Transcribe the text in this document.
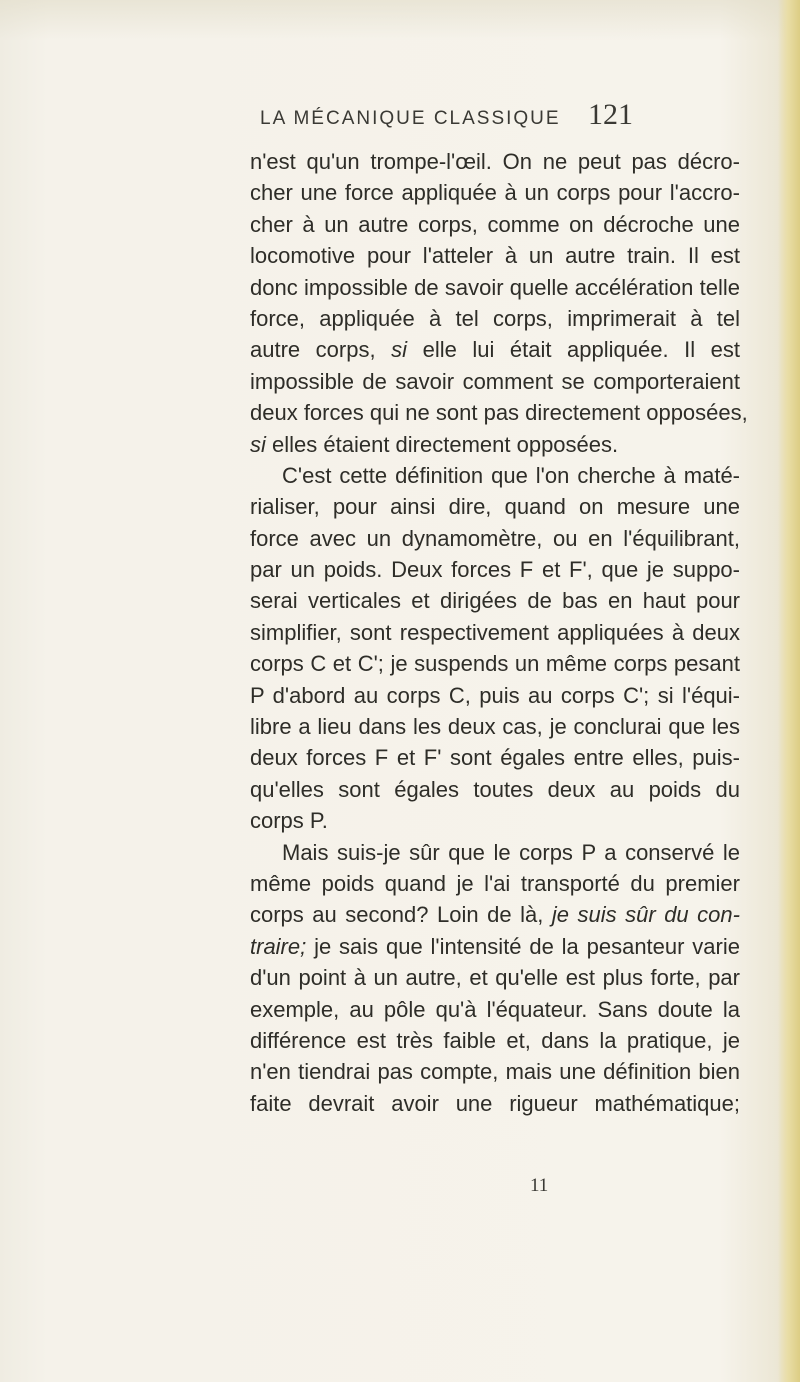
LA MÉCANIQUE CLASSIQUE 121
n'est qu'un trompe-l'œil. On ne peut pas décro-
cher une force appliquée à un corps pour l'accro-
cher à un autre corps, comme on décroche une
locomotive pour l'atteler à un autre train. Il est
donc impossible de savoir quelle accélération telle
force, appliquée à tel corps, imprimerait à tel
autre corps, si elle lui était appliquée. Il est
impossible de savoir comment se comporteraient
deux forces qui ne sont pas directement opposées,
si elles étaient directement opposées.
C'est cette définition que l'on cherche à maté-
rialiser, pour ainsi dire, quand on mesure une
force avec un dynamomètre, ou en l'équilibrant,
par un poids. Deux forces F et F', que je suppo-
serai verticales et dirigées de bas en haut pour
simplifier, sont respectivement appliquées à deux
corps C et C'; je suspends un même corps pesant
P d'abord au corps C, puis au corps C'; si l'équi-
libre a lieu dans les deux cas, je conclurai que les
deux forces F et F' sont égales entre elles, puis-
qu'elles sont égales toutes deux au poids du
corps P.
Mais suis-je sûr que le corps P a conservé le
même poids quand je l'ai transporté du premier
corps au second? Loin de là, je suis sûr du con-
traire; je sais que l'intensité de la pesanteur varie
d'un point à un autre, et qu'elle est plus forte, par
exemple, au pôle qu'à l'équateur. Sans doute la
différence est très faible et, dans la pratique, je
n'en tiendrai pas compte, mais une définition bien
faite devrait avoir une rigueur mathématique;
11
